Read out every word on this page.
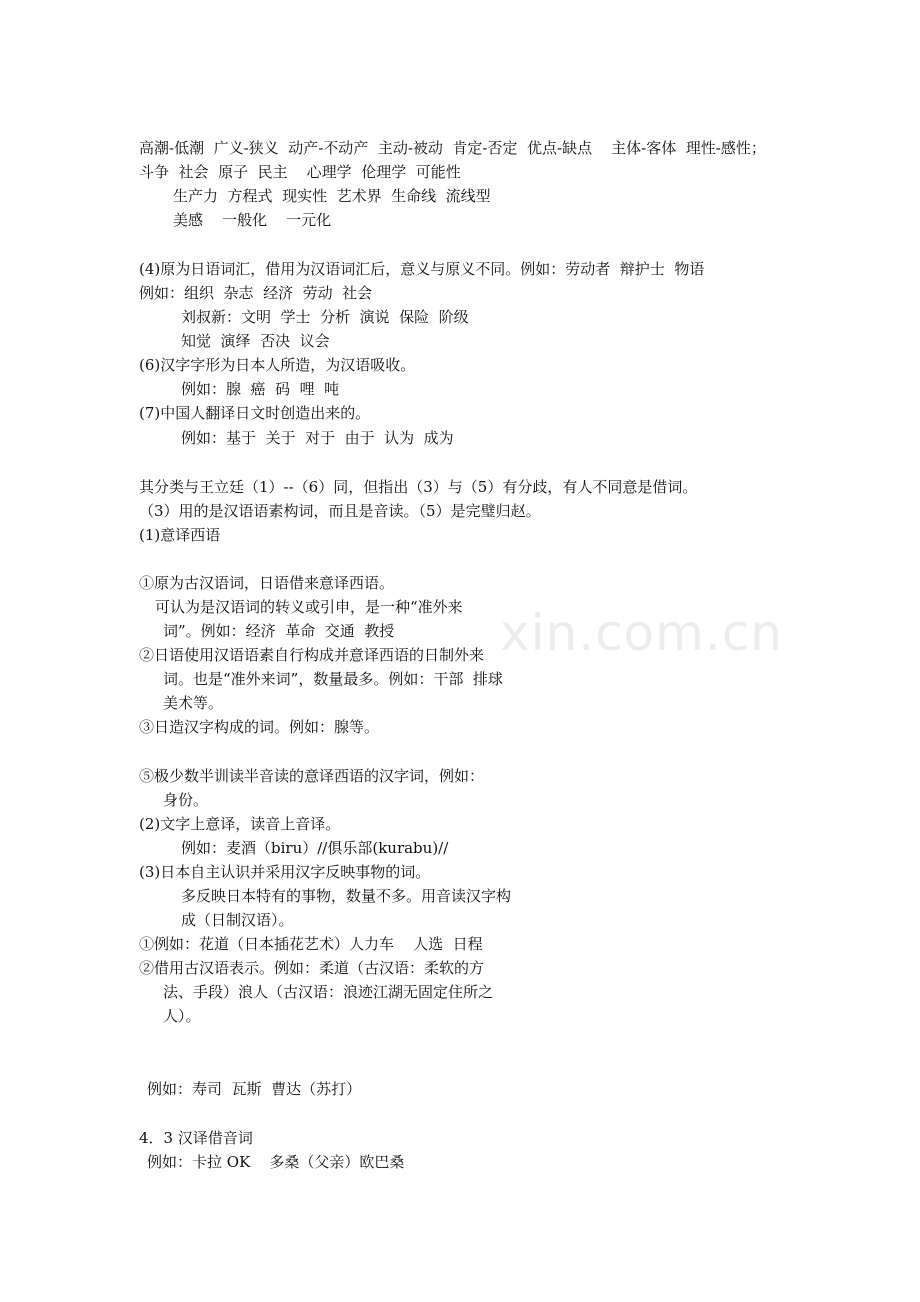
xin.com.cn
高潮-低潮  广义-狭义  动产-不动产  主动-被动  肯定-否定  优点-缺点    主体-客体  理性-感性；
斗争  社会  原子  民主    心理学  伦理学  可能性
生产力  方程式  现实性  艺术界  生命线  流线型
美感    一般化    一元化
(4)原为日语词汇，借用为汉语词汇后，意义与原义不同。例如：劳动者  辩护士  物语
例如：组织  杂志  经济  劳动  社会
刘叔新：文明  学士  分析  演说  保险  阶级
知觉  演绎  否决  议会
(6)汉字字形为日本人所造，为汉语吸收。
例如：腺  癌  码  哩  吨
(7)中国人翻译日文时创造出来的。
例如：基于  关于  对于  由于  认为  成为
其分类与王立廷（1）--（6）同，但指出（3）与（5）有分歧，有人不同意是借词。
（3）用的是汉语语素构词，而且是音读。（5）是完璧归赵。
(1)意译西语
①原为古汉语词，日语借来意译西语。
可认为是汉语词的转义或引申，是一种“准外来
词”。例如：经济  革命  交通  教授
②日语使用汉语语素自行构成并意译西语的日制外来
词。也是“准外来词”，数量最多。例如：干部  排球
美术等。
③日造汉字构成的词。例如：腺等。
⑤极少数半训读半音读的意译西语的汉字词，例如：
身份。
(2)文字上意译，读音上音译。
例如：麦酒（biru）//俱乐部(kurabu)//
(3)日本自主认识并采用汉字反映事物的词。
多反映日本特有的事物，数量不多。用音读汉字构
成（日制汉语）。
①例如：花道（日本插花艺术）人力车    人选  日程
②借用古汉语表示。例如：柔道（古汉语：柔软的方
法、手段）浪人（古汉语：浪迹江湖无固定住所之
人）。
例如：寿司  瓦斯  曹达（苏打）
4．3 汉译借音词
例如：卡拉 OK    多桑（父亲）欧巴桑
